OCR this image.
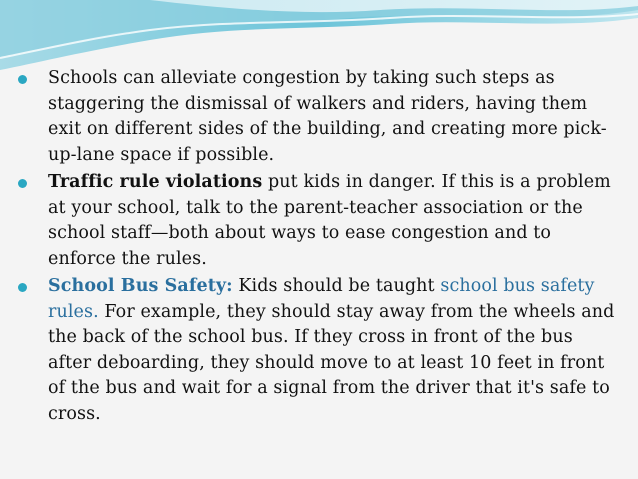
Schools can alleviate congestion by taking such steps as staggering the dismissal of walkers and riders, having them exit on different sides of the building, and creating more pick-up-lane space if possible.
Traffic rule violations put kids in danger. If this is a problem at your school, talk to the parent-teacher association or the school staff—both about ways to ease congestion and to enforce the rules.
School Bus Safety: Kids should be taught school bus safety rules. For example, they should stay away from the wheels and the back of the school bus. If they cross in front of the bus after deboarding, they should move to at least 10 feet in front of the bus and wait for a signal from the driver that it's safe to cross.
